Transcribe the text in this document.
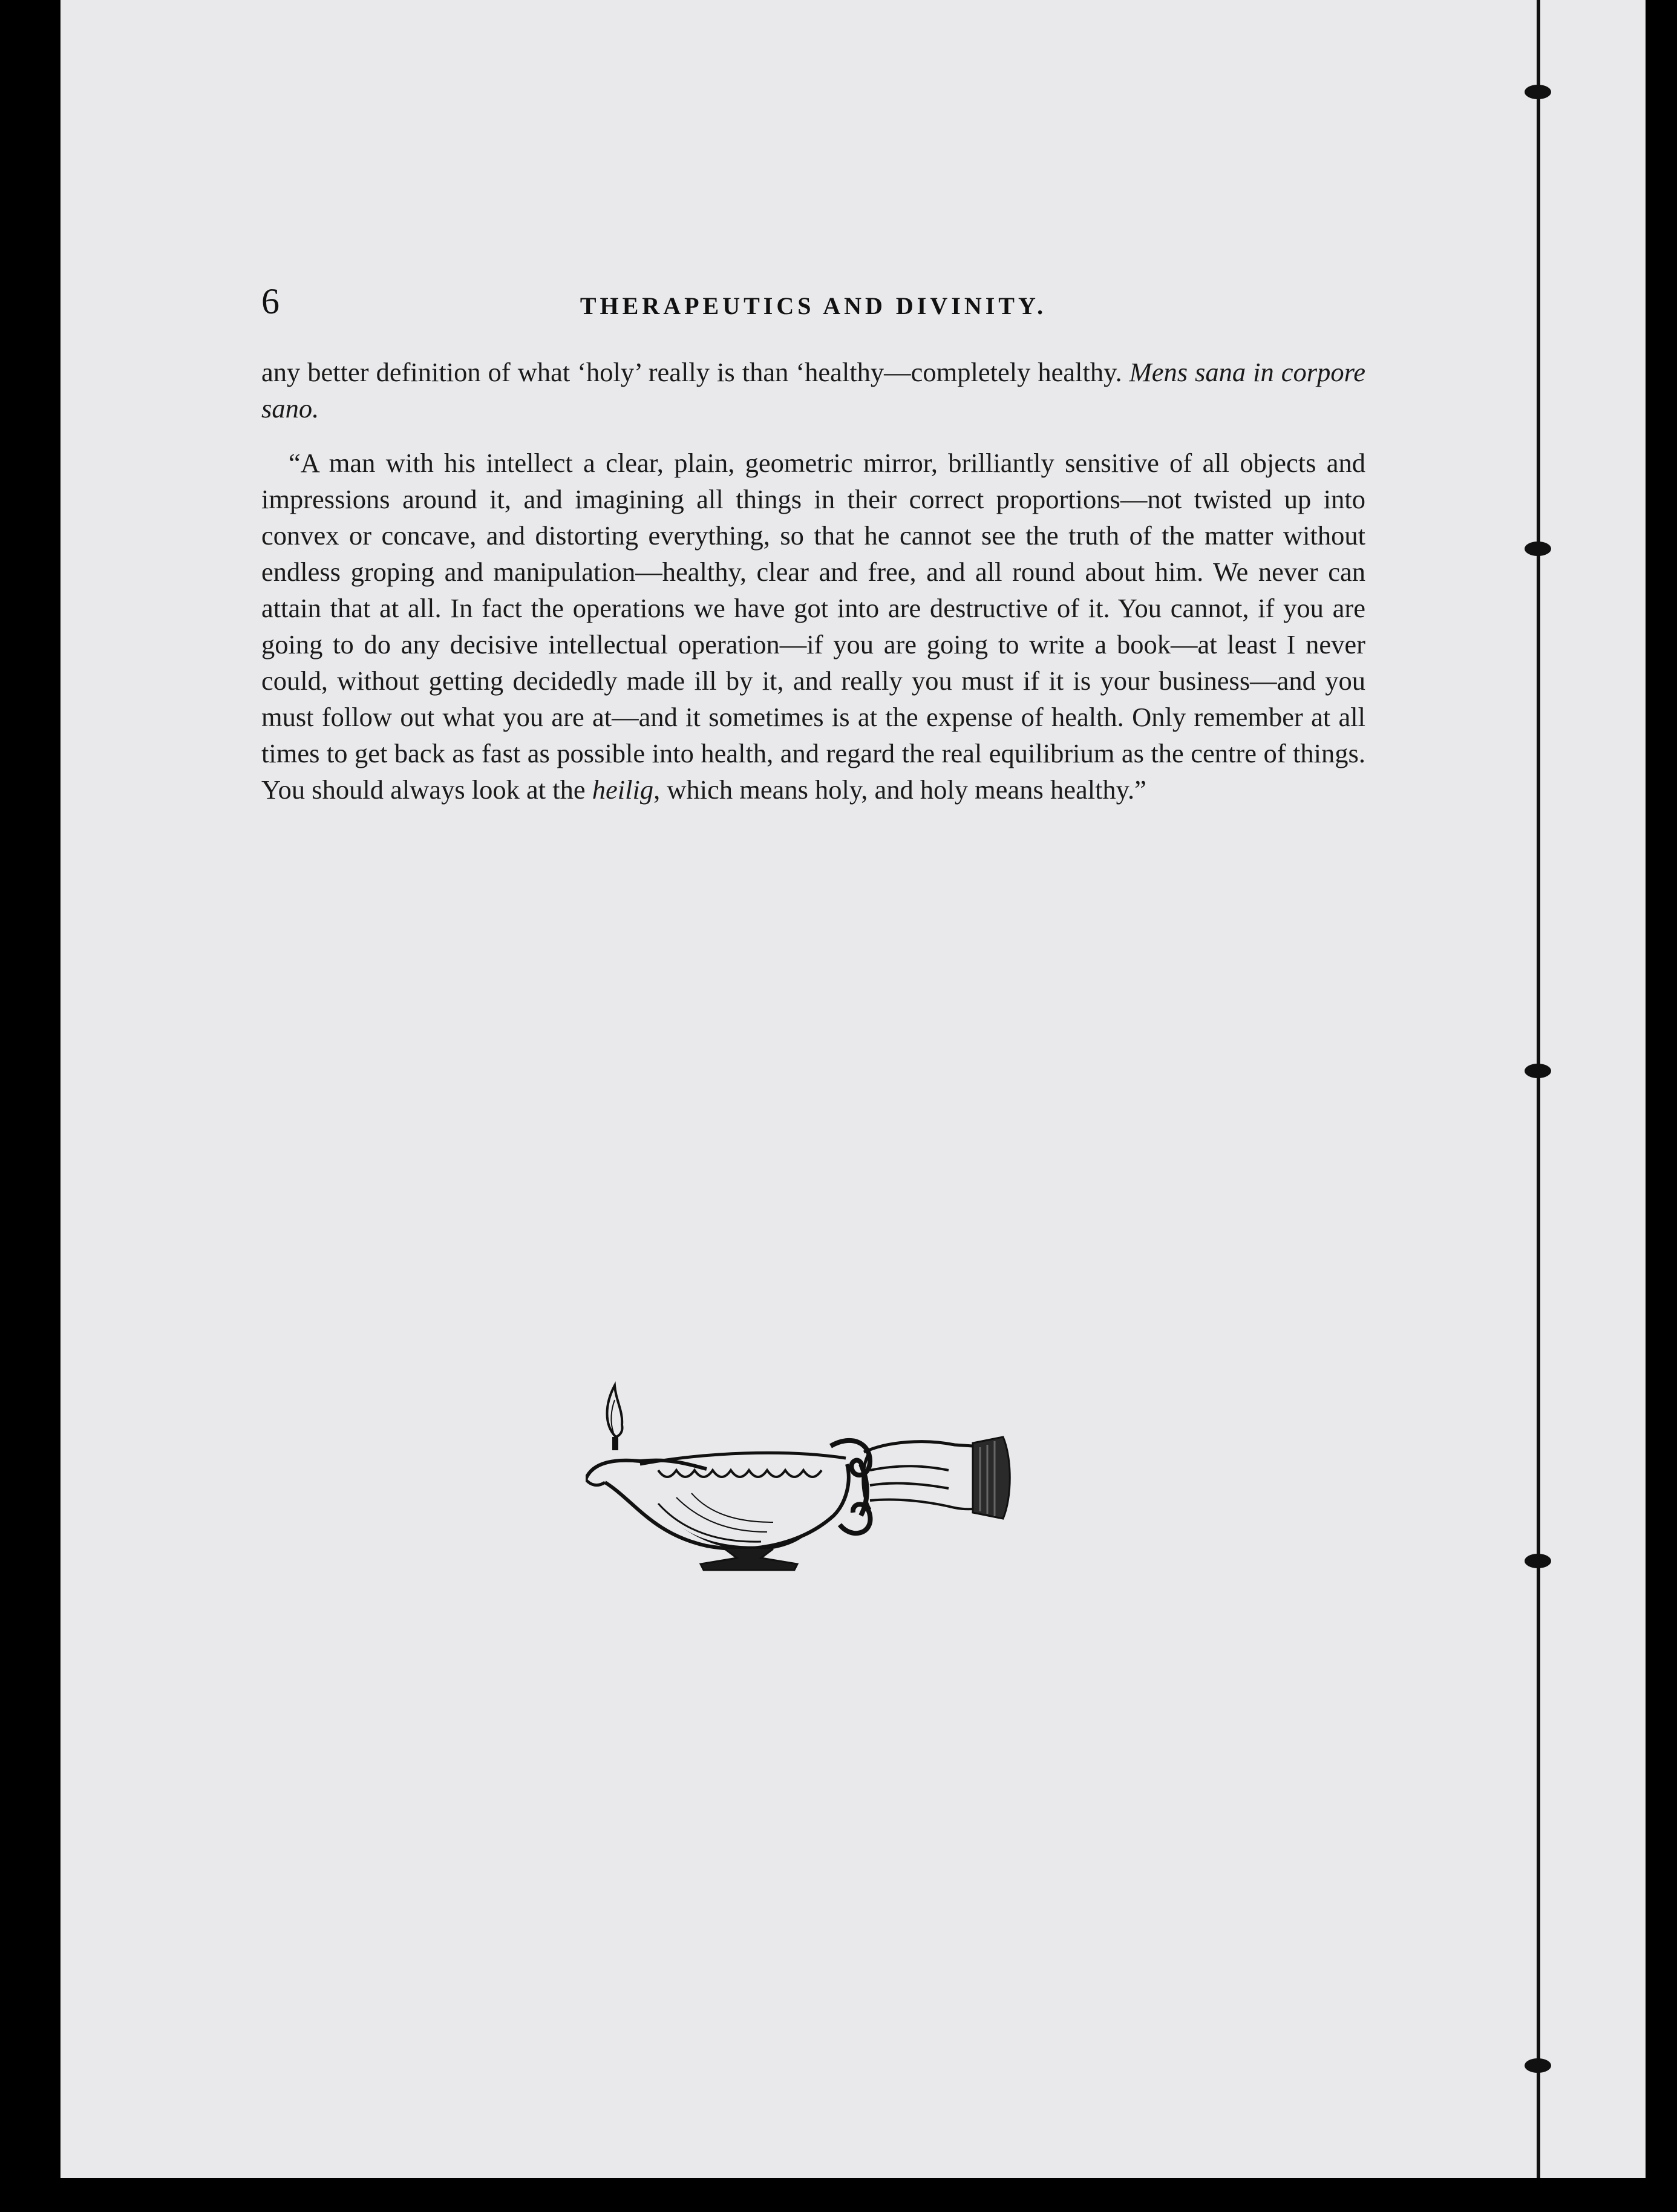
6	THERAPEUTICS AND DIVINITY.

any better definition of what ‘holy’ really is than ‘healthy—completely healthy. Mens sana in corpore sano.

“A man with his intellect a clear, plain, geometric mirror, brilliantly sensitive of all objects and impressions around it, and imagining all things in their correct proportions—not twisted up into convex or concave, and distorting everything, so that he cannot see the truth of the matter without endless groping and manipulation—healthy, clear and free, and all round about him. We never can attain that at all. In fact the operations we have got into are destructive of it. You cannot, if you are going to do any decisive intellectual operation—if you are going to write a book—at least I never could, without getting decidedly made ill by it, and really you must if it is your business—and you must follow out what you are at—and it sometimes is at the expense of health. Only remember at all times to get back as fast as possible into health, and regard the real equilibrium as the centre of things. You should always look at the heilig, which means holy, and holy means healthy.”
